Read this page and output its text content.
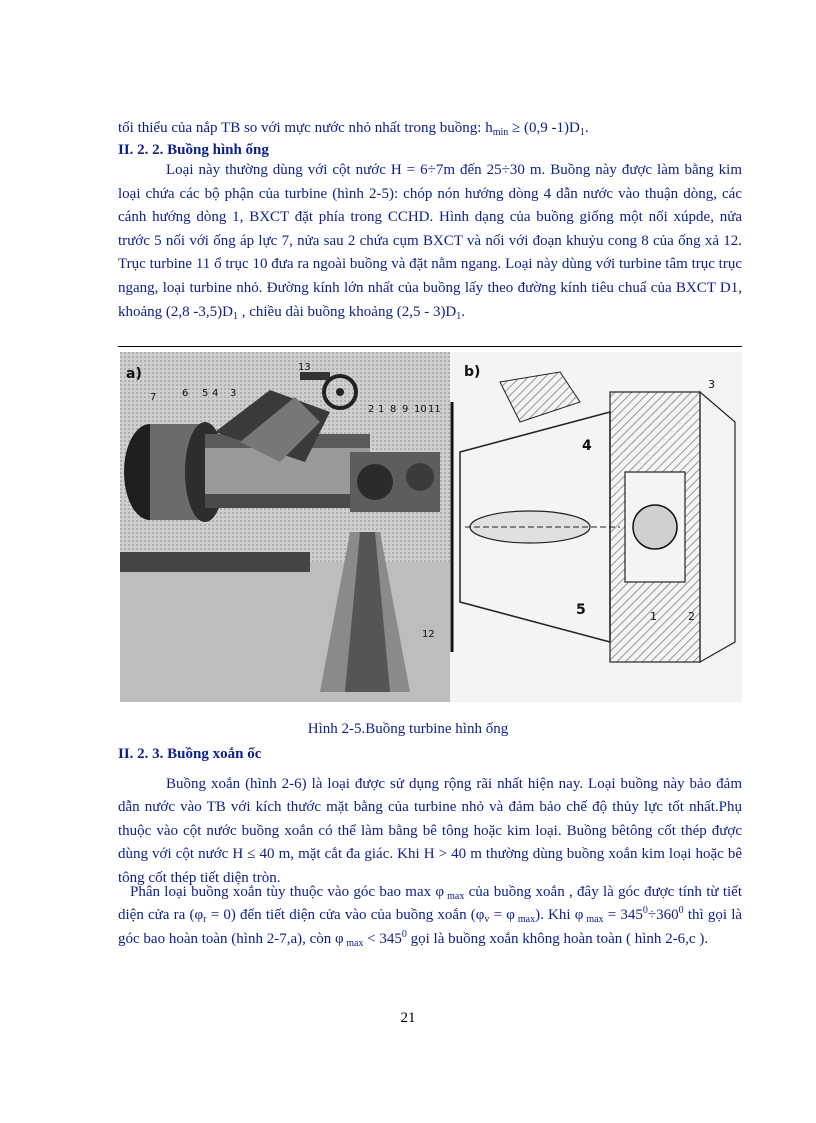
tối thiểu của nắp TB so với mực nước nhỏ nhất trong buồng: $h_{min} \ge (0,9$ $-1)D_1$.
II. 2. 2. Buồng hình ống
Loại này thường dùng với cột nước H = 6÷7m đến 25÷30 m. Buồng này được làm bằng kim loại chứa các bộ phận của turbine (hình 2-5): chóp nón hướng dòng 4 dẫn nước vào thuận dòng, các cánh hướng dòng 1, BXCT đặt phía trong CCHD. Hình dạng của buồng giống một nối xúpde, nửa trước 5 nối với ống áp lực 7, nửa sau 2 chứa cụm BXCT và nối với đoạn khuỷu cong 8 của ống xả 12. Trục turbine 11 ổ trục 10 đưa ra ngoài buồng và đặt nằm ngang. Loại này dùng với turbine tâm trục trục ngang, loại turbine nhỏ. Đường kính lớn nhất của buồng lấy theo đường kính tiêu chuẩ của BXCT D1, khoảng (2,8 $-3,5)D_1$ , chiều dài buồng khoảng $(2,5 - 3)D_1$.
a)
7	6 5 4 3
13
2 1 8 9 10 11
b)
4
5	1	2
3
12
Hình 2-5.Buồng turbine hình ống
II. 2. 3. Buồng xoắn ốc
Buồng xoắn (hình 2-6) là loại được sử dụng rộng rãi nhất hiện nay. Loại buồng này bảo đảm dẫn nước vào TB với kích thước mặt bằng của turbine nhỏ và đảm bảo chế độ thủy lực tốt nhất.Phụ thuộc vào cột nước buồng xoắn có thể làm bằng bê tông hoặc kim loại. Buồng bêtông cốt thép được dùng với cột nước H ≤ 40 m, mặt cắt đa giác. Khi H > 40 m thường dùng buồng xoắn kim loại hoặc bê tông cốt thép tiết diện tròn.
Phân loại buồng xoắn tùy thuộc vào góc bao max φ $_{max}$ của buồng xoắn , đây là góc được tính từ tiết diện cửa ra $(\varphi_r = 0)$ đến tiết diện cửa vào của buồng xoắn ($\varphi_v = \varphi$ $_{max}$). Khi φ $_{max} = 345^0\div 360^0$ thì gọi là góc bao hoàn toàn (hình 2-7,a), còn φ $_{max} < 345^0$ gọi là buồng xoắn không hoàn toàn ( hình 2-6,c ).
21
